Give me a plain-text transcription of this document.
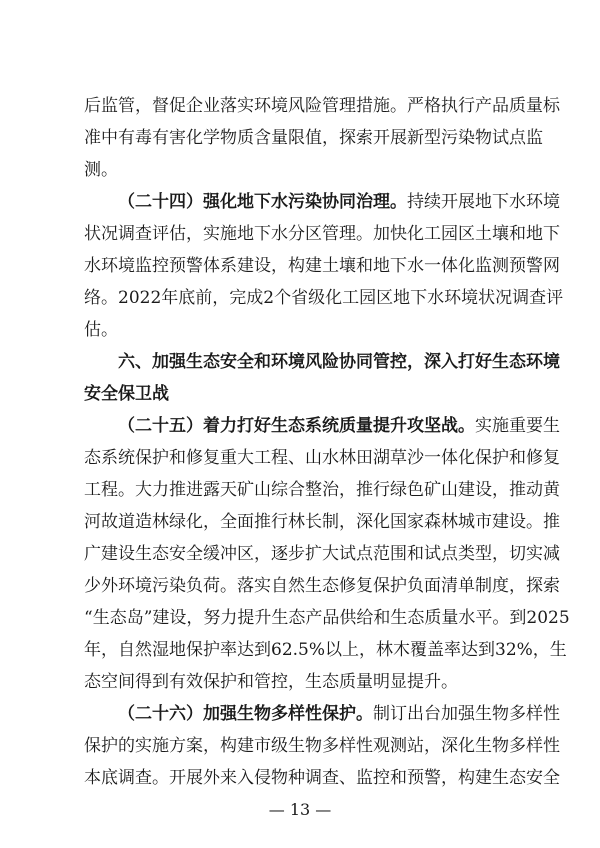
后监管，督促企业落实环境风险管理措施。严格执行产品质量标
准中有毒有害化学物质含量限值，探索开展新型污染物试点监
测。
（二十四）强化地下水污染协同治理。持续开展地下水环境
状况调查评估，实施地下水分区管理。加快化工园区土壤和地下
水环境监控预警体系建设，构建土壤和地下水一体化监测预警网
络。2022年底前，完成2个省级化工园区地下水环境状况调查评
估。
六、加强生态安全和环境风险协同管控，深入打好生态环境
安全保卫战
（二十五）着力打好生态系统质量提升攻坚战。实施重要生
态系统保护和修复重大工程、山水林田湖草沙一体化保护和修复
工程。大力推进露天矿山综合整治，推行绿色矿山建设，推动黄
河故道造林绿化，全面推行林长制，深化国家森林城市建设。推
广建设生态安全缓冲区，逐步扩大试点范围和试点类型，切实减
少外环境污染负荷。落实自然生态修复保护负面清单制度，探索
“生态岛”建设，努力提升生态产品供给和生态质量水平。到2025
年，自然湿地保护率达到62.5%以上，林木覆盖率达到32%，生
态空间得到有效保护和管控，生态质量明显提升。
（二十六）加强生物多样性保护。制订出台加强生物多样性
保护的实施方案，构建市级生物多样性观测站，深化生物多样性
本底调查。开展外来入侵物种调查、监控和预警，构建生态安全
— 13 —
